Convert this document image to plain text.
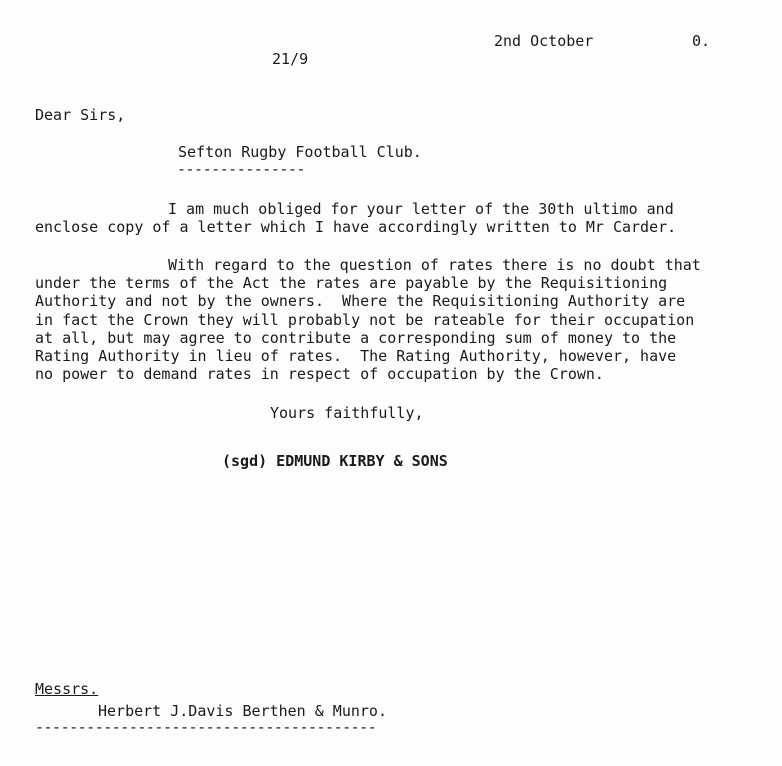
2nd October	0.
21/9
Dear Sirs,
Sefton Rugby Football Club.
---------------
I am much obliged for your letter of the 30th ultimo and
enclose copy of a letter which I have accordingly written to Mr Carder.
With regard to the question of rates there is no doubt that
under the terms of the Act the rates are payable by the Requisitioning
Authority and not by the owners.  Where the Requisitioning Authority are
in fact the Crown they will probably not be rateable for their occupation
at all, but may agree to contribute a corresponding sum of money to the
Rating Authority in lieu of rates.  The Rating Authority, however, have
no power to demand rates in respect of occupation by the Crown.
Yours faithfully,
(sgd) EDMUND KIRBY & SONS
Messrs.
Herbert J.Davis Berthen & Munro.
----------------------------------------
